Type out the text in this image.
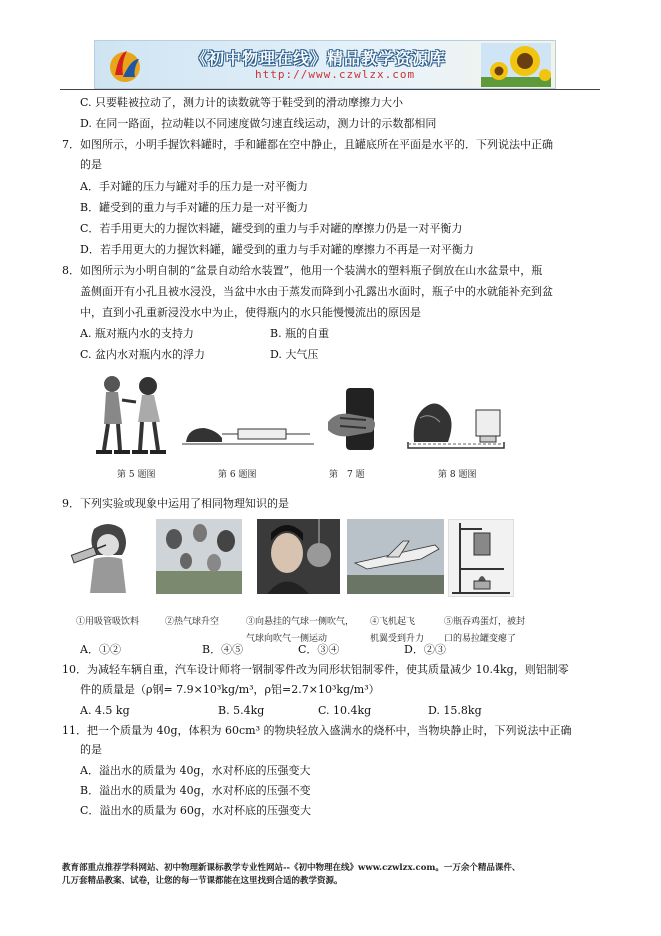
《初中物理在线》精品教学资源库
http://www.czwlzx.com
C. 只要鞋被拉动了，测力计的读数就等于鞋受到的滑动摩擦力大小
D. 在同一路面，拉动鞋以不同速度做匀速直线运动，测力计的示数都相同
7．如图所示，小明手握饮料罐时，手和罐都在空中静止，且罐底所在平面是水平的．下列说法中正确
的是
A．手对罐的压力与罐对手的压力是一对平衡力
B．罐受到的重力与手对罐的压力是一对平衡力
C．若手用更大的力握饮料罐，罐受到的重力与手对罐的摩擦力仍是一对平衡力
D．若手用更大的力握饮料罐，罐受到的重力与手对罐的摩擦力不再是一对平衡力
8．如图所示为小明自制的“盆景自动给水装置”，他用一个装满水的塑料瓶子倒放在山水盆景中，瓶
盖侧面开有小孔且被水浸没，当盆中水由于蒸发而降到小孔露出水面时，瓶子中的水就能补充到盆
中，直到小孔重新浸没水中为止，使得瓶内的水只能慢慢流出的原因是
A. 瓶对瓶内水的支持力	B. 瓶的自重
C. 盆内水对瓶内水的浮力	D. 大气压
第 5 题图	第 6 题图	第　7 题	第 8 题图
9．下列实验或现象中运用了相同物理知识的是
①用吸管吸饮料	②热气球升空	③向悬挂的气球一侧吹气，
气球向吹气一侧运动
④飞机起飞
机翼受到升力
⑤瓶吞鸡蛋灯，被封
口的易拉罐变瘪了
A．①②	B．④⑤	C．③④	D．②③
10．为减轻车辆自重，汽车设计师将一钢制零件改为同形状铝制零件，使其质量减少 10.4kg，则铝制零
件的质量是（ρ钢= 7.9×10³kg/m³，ρ铝=2.7×10³kg/m³）
A. 4.5 kg	B. 5.4kg	C. 10.4kg	D. 15.8kg
11．把一个质量为 40g，体积为 60cm³ 的物块轻放入盛满水的烧杯中，当物块静止时，下列说法中正确
的是
A．溢出水的质量为 40g，水对杯底的压强变大
B．溢出水的质量为 40g，水对杯底的压强不变
C．溢出水的质量为 60g，水对杯底的压强变大
教育部重点推荐学科网站、初中物理新课标教学专业性网站--《初中物理在线》www.czwlzx.com。一万余个精品课件、
几万套精品教案、试卷，让您的每一节课都能在这里找到合适的教学资源。
